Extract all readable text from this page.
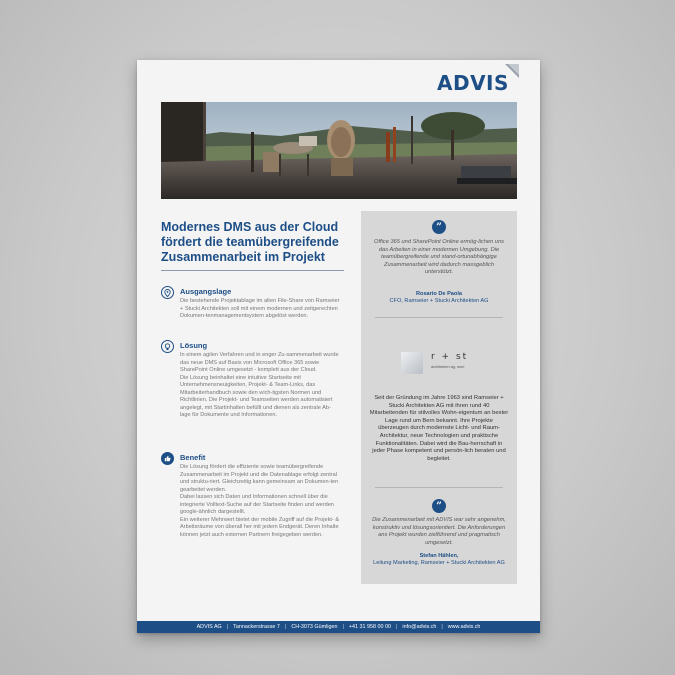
ADVIS
Modernes DMS aus der Cloud fördert die teamübergreifende Zusammenarbeit im Projekt
Ausgangslage

Die bestehende Projektablage im alten File-Share von Ramseier + Stucki Architekten soll mit einem modernen und zeitgerechten Dokumen-tenmanagementsystem abgelöst werden.

Lösung

In einem agilen Verfahren und in enger Zu-sammenarbeit wurde das neue DMS auf Basis von Microsoft Office 365 sowie SharePoint Online umgesetzt - komplett aus der Cloud.

Die Lösung beinhaltet eine intuitive Startseite mit Unternehmensneuigkeiten, Projekt- & Team-Links, das Mitarbeiterhandbuch sowie den wich-tigsten Normen und Richtlinien. Die Projekt- und Teamseiten werden automatisiert angelegt, mit Startinhalten befüllt und dienen als zentrale Ab-lage für Dokumente und Informationen.

Benefit

Die Lösung fördert die effiziente sowie teamübergreifende Zusammenarbeit im Projekt und die Datenablage erfolgt zentral und struktu-riert. Gleichzeitig kann gemeinsam an Dokumen-ten gearbeitet werden.

Dabei lassen sich Daten und Informationen schnell über die integrierte Volltext-Suche auf der Startseite finden und werden google-ähnlich dargestellt.

Ein weiterer Mehrwert bietet der mobile Zugriff auf die Projekt- & Arbeitsräume von überall her mit jedem Endgerät. Deren Inhalte können jetzt auch externen Partnern freigegeben werden.

”
Office 365 und SharePoint Online ermög-lichen uns das Arbeiten in einer modernen Umgebung. Die teamübergreifende und stand-ortunabhängige Zusammenarbeit wird dadurch massgeblich unterstützt.
Rosario De Paola
CFO, Ramseier + Stucki Architekten AG
r + st
architekten ag, muri
Seit der Gründung im Jahre 1963 sind Ramseier + Stucki Architekten AG mit ihren rund 40 Mitarbeitenden für stilvolles Wohn-eigentum an bester Lage rund um Bern bekannt. Ihre Projekte überzeugen durch modernste Licht- und Raum-Architektur, neue Technologien und praktische Funktionalitäten. Dabei wird die Bau-herrschaft in jeder Phase kompetent und persön-lich beraten und begleitet.
”
Die Zusammenarbeit mit ADVIS war sehr angenehm, konstruktiv und lösungsorientiert. Die Anforderungen ans Projekt wurden zielführend und pragmatisch umgesetzt.
Stefan Hählen,
Leitung Marketing, Ramseier + Stucki Architekten AG
ADVIS AG | Tannackerstrasse 7 | CH-3073 Gümligen | +41 31 958 00 00 | info@advis.ch | www.advis.ch
